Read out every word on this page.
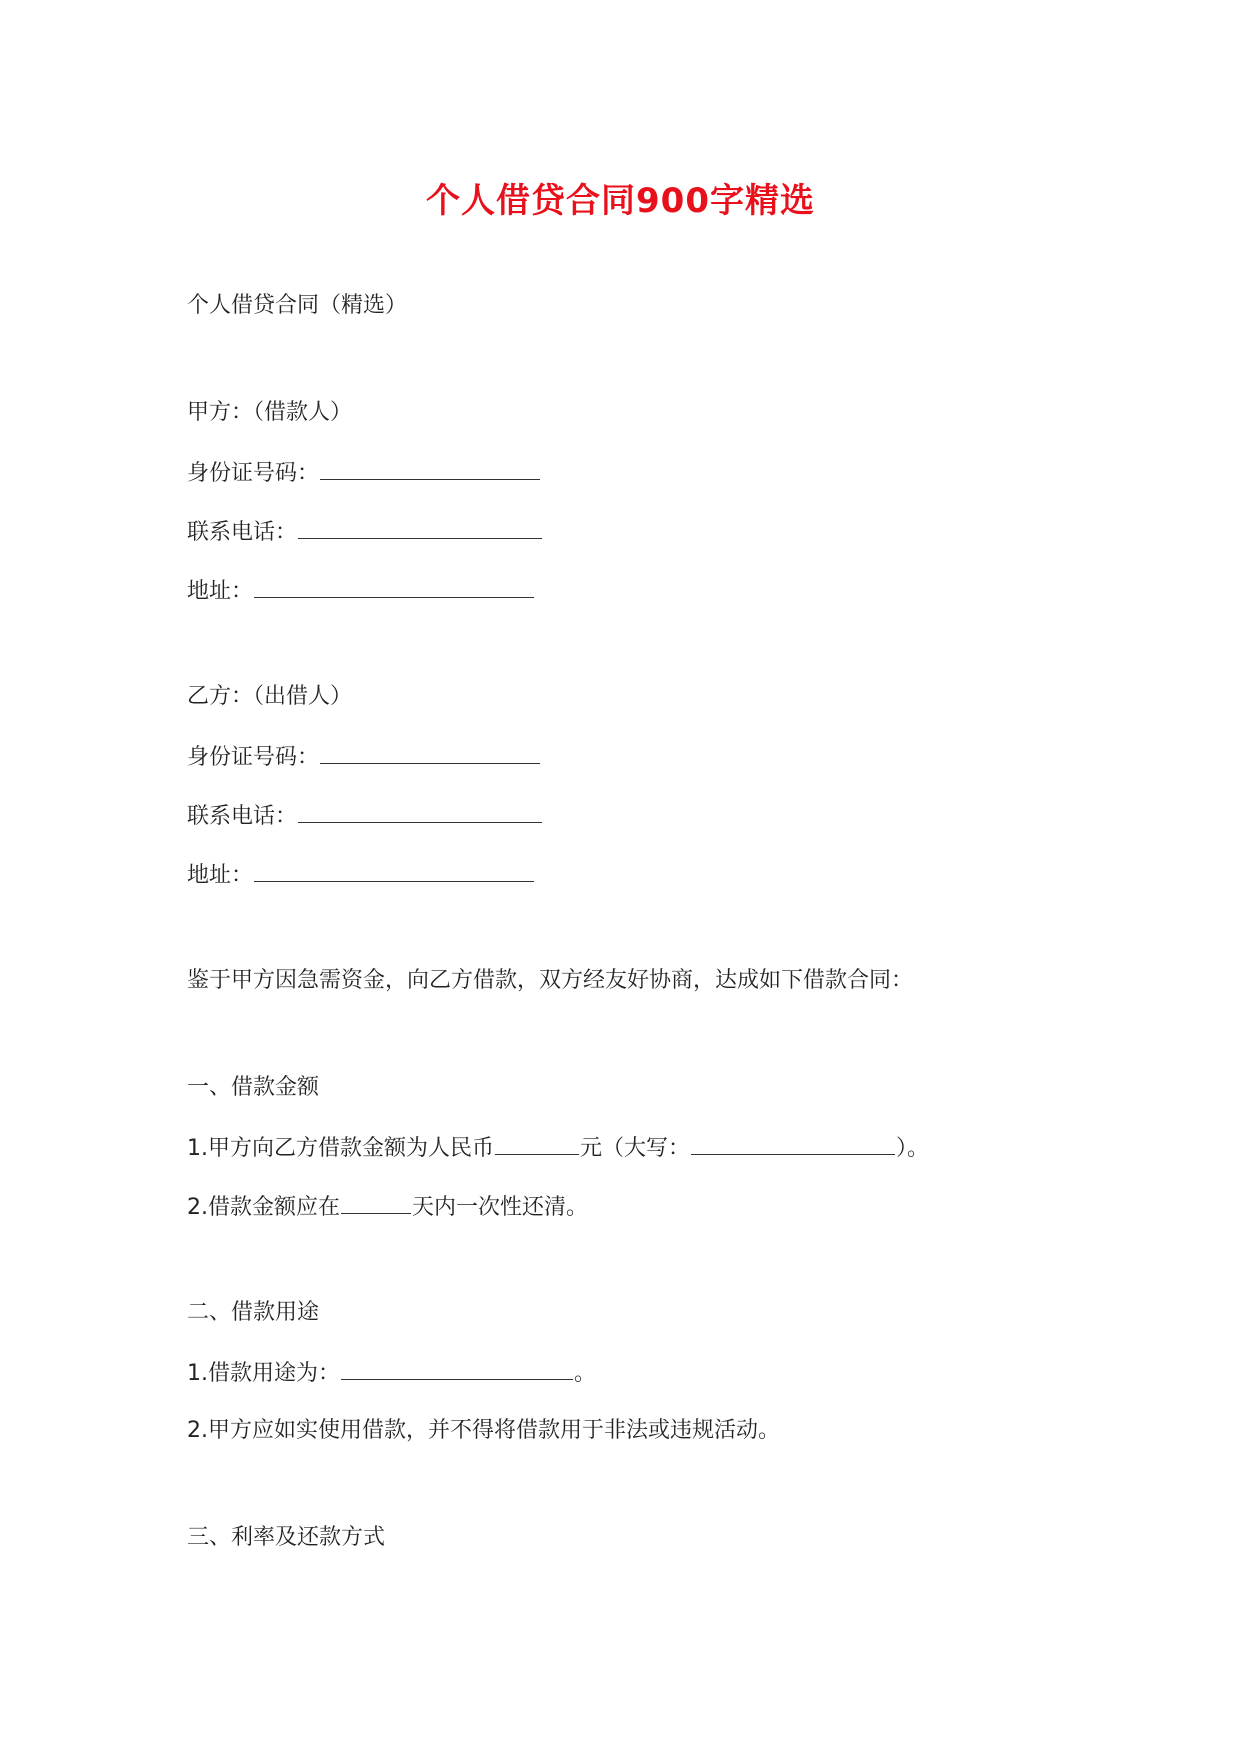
个人借贷合同900字精选
个人借贷合同（精选）
甲方：（借款人）
身份证号码：
联系电话：
地址：
乙方：（出借人）
身份证号码：
联系电话：
地址：
鉴于甲方因急需资金，向乙方借款，双方经友好协商，达成如下借款合同：
一、借款金额
1.甲方向乙方借款金额为人民币	元（大写：	）。
2.借款金额应在	天内一次性还清。
二、借款用途
1.借款用途为：	。
2.甲方应如实使用借款，并不得将借款用于非法或违规活动。
三、利率及还款方式
